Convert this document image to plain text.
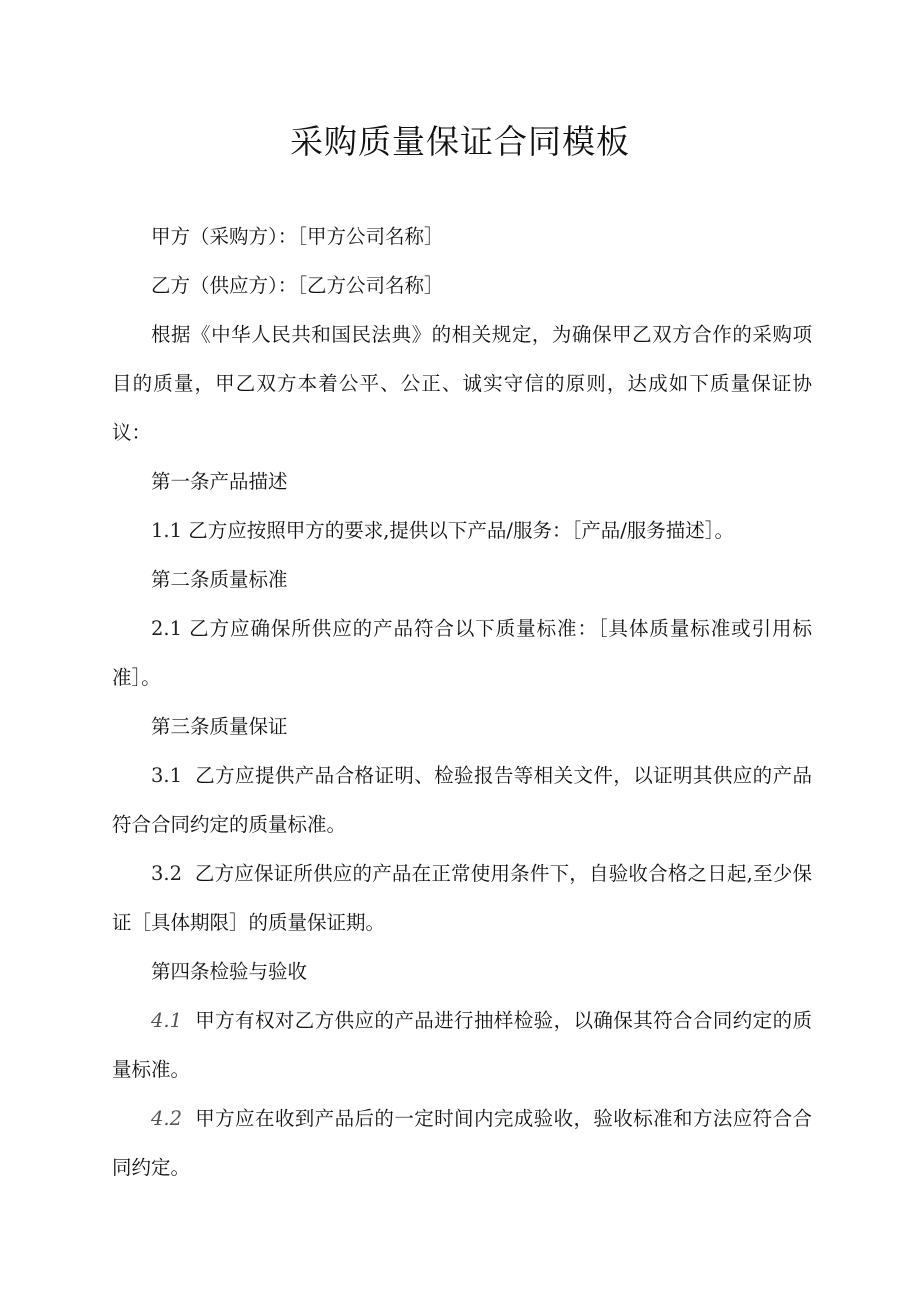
采购质量保证合同模板

甲方（采购方）：［甲方公司名称］

乙方（供应方）：［乙方公司名称］

根据《中华人民共和国民法典》的相关规定，为确保甲乙双方合作的采购项目的质量，甲乙双方本着公平、公正、诚实守信的原则，达成如下质量保证协议：

第一条产品描述

1.1 乙方应按照甲方的要求,提供以下产品/服务：［产品/服务描述］。

第二条质量标准

2.1 乙方应确保所供应的产品符合以下质量标准：［具体质量标准或引用标准］。

第三条质量保证

3.1 乙方应提供产品合格证明、检验报告等相关文件，以证明其供应的产品符合合同约定的质量标准。

3.2 乙方应保证所供应的产品在正常使用条件下，自验收合格之日起,至少保证［具体期限］的质量保证期。

第四条检验与验收

4.1 甲方有权对乙方供应的产品进行抽样检验，以确保其符合合同约定的质量标准。

4.2 甲方应在收到产品后的一定时间内完成验收，验收标准和方法应符合合同约定。
